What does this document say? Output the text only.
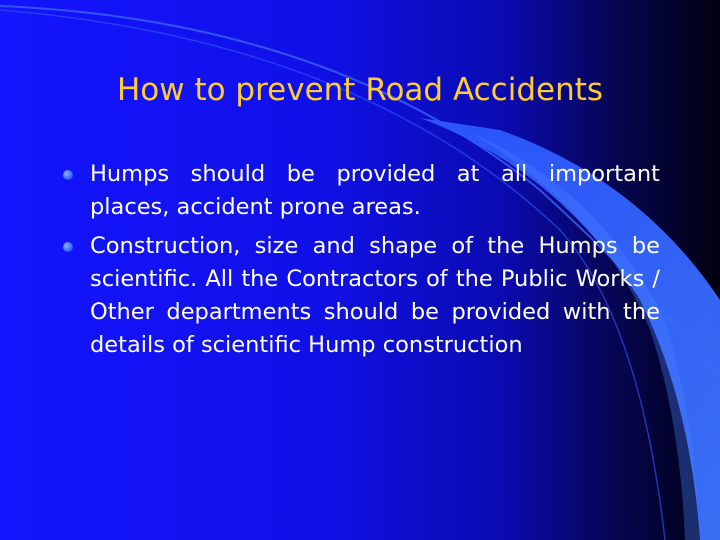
How to prevent Road Accidents
Humps should be provided at all important places, accident prone areas.
Construction, size and shape of the Humps be scientific. All the Contractors of the Public Works / Other departments should be provided with the details of scientific Hump construction
